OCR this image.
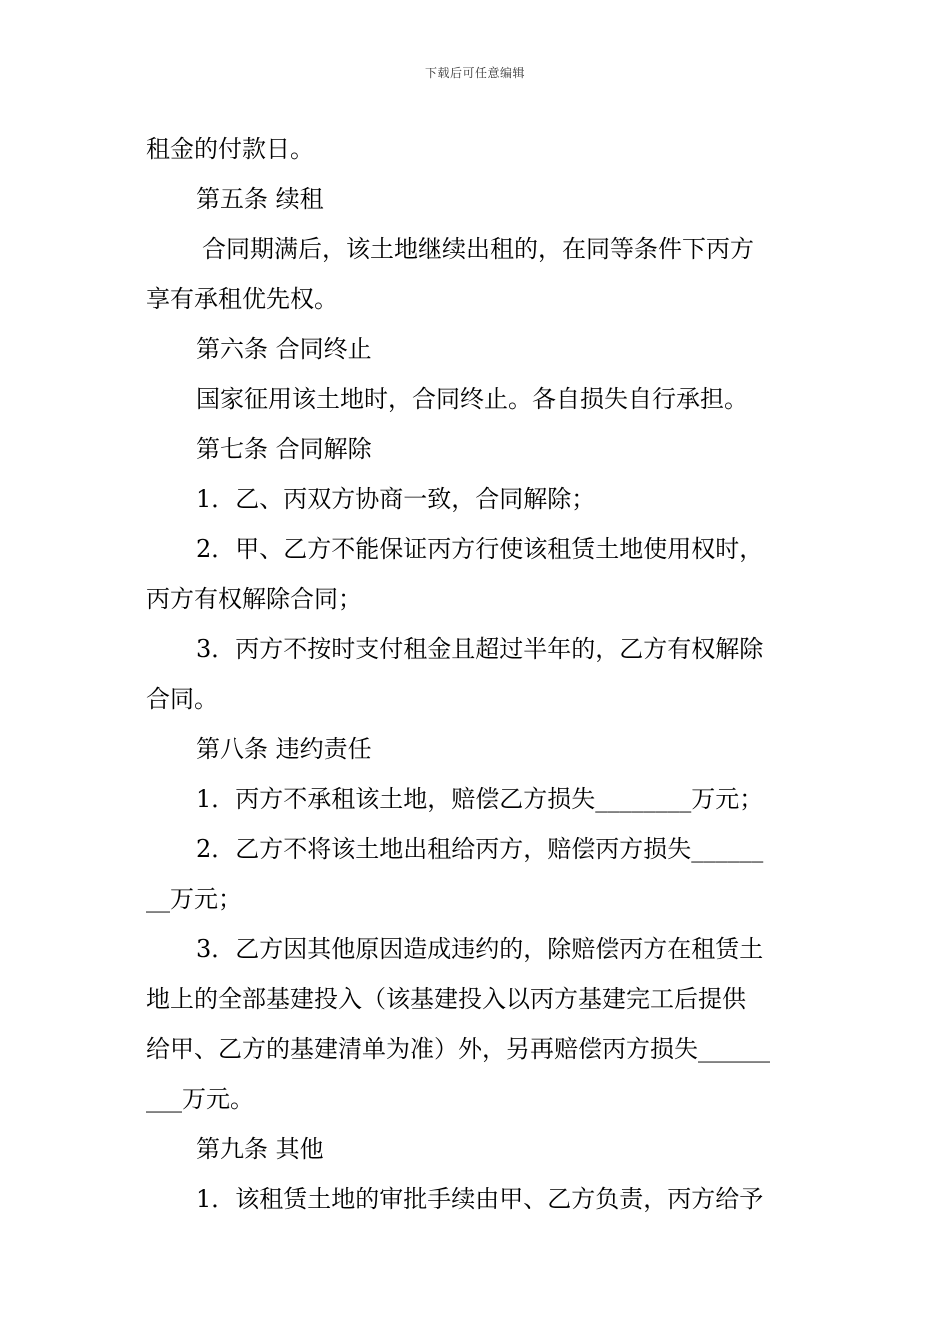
下载后可任意编辑
租金的付款日。
第五条 续租
合同期满后，该土地继续出租的，在同等条件下丙方
享有承租优先权。
第六条 合同终止
国家征用该土地时，合同终止。各自损失自行承担。
第七条 合同解除
1．乙、丙双方协商一致，合同解除；
2．甲、乙方不能保证丙方行使该租赁土地使用权时，
丙方有权解除合同；
3．丙方不按时支付租金且超过半年的，乙方有权解除
合同。
第八条 违约责任
1．丙方不承租该土地，赔偿乙方损失________万元；
2．乙方不将该土地出租给丙方，赔偿丙方损失______
__万元；
3．乙方因其他原因造成违约的，除赔偿丙方在租赁土
地上的全部基建投入（该基建投入以丙方基建完工后提供
给甲、乙方的基建清单为准）外，另再赔偿丙方损失______
___万元。
第九条 其他
1．该租赁土地的审批手续由甲、乙方负责，丙方给予
